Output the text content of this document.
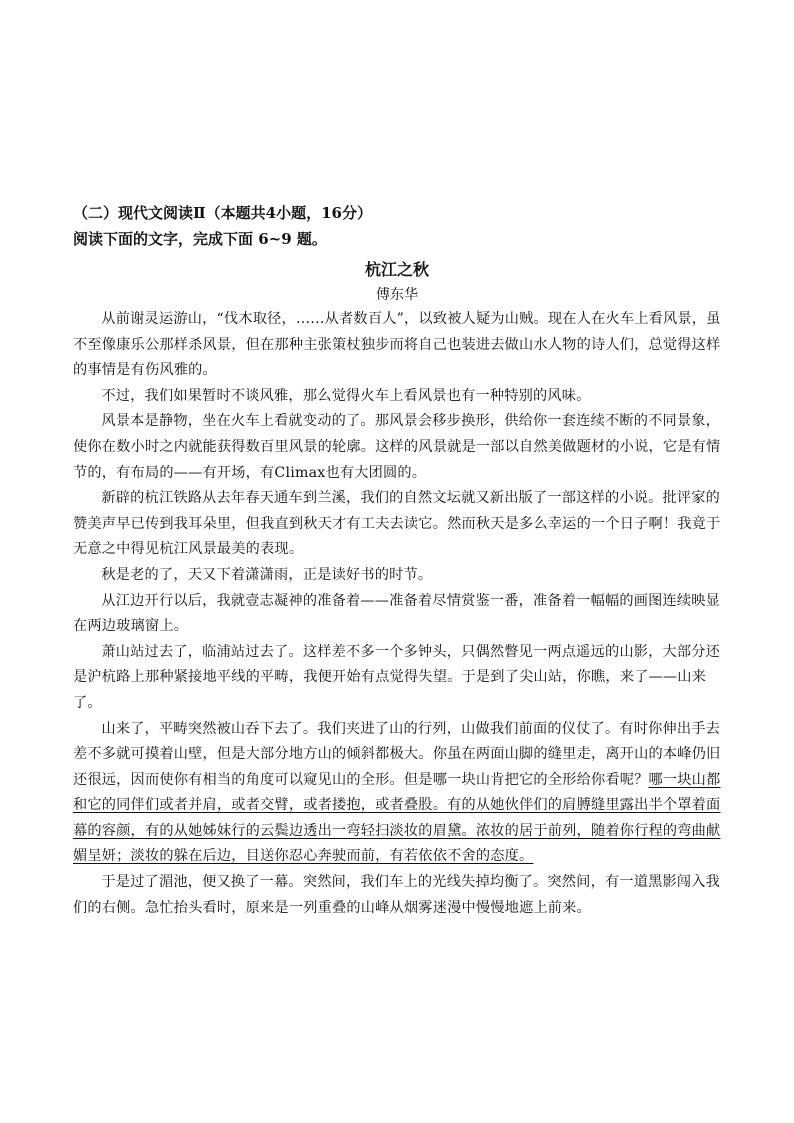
（二）现代文阅读Ⅱ（本题共4小题，16分）
阅读下面的文字，完成下面 6~9 题。
杭江之秋
傅东华

从前谢灵运游山，“伐木取径，……从者数百人”，以致被人疑为山贼。现在人在火车上看风景，虽不至像康乐公那样杀风景，但在那种主张策杖独步而将自己也装进去做山水人物的诗人们，总觉得这样的事情是有伤风雅的。

不过，我们如果暂时不谈风雅，那么觉得火车上看风景也有一种特别的风味。

风景本是静物，坐在火车上看就变动的了。那风景会移步换形，供给你一套连续不断的不同景象，使你在数小时之内就能获得数百里风景的轮廓。这样的风景就是一部以自然美做题材的小说，它是有情节的，有布局的——有开场，有Climax也有大团圆的。

新辟的杭江铁路从去年春天通车到兰溪，我们的自然文坛就又新出版了一部这样的小说。批评家的赞美声早已传到我耳朵里，但我直到秋天才有工夫去读它。然而秋天是多么幸运的一个日子啊！我竟于无意之中得见杭江风景最美的表现。

秋是老的了，天又下着潇潇雨，正是读好书的时节。

从江边开行以后，我就壹志凝神的准备着——准备着尽情赏鉴一番，准备着一幅幅的画图连续映显在两边玻璃窗上。

萧山站过去了，临浦站过去了。这样差不多一个多钟头，只偶然瞥见一两点遥远的山影，大部分还是沪杭路上那种紧接地平线的平畴，我便开始有点觉得失望。于是到了尖山站，你瞧，来了——山来了。

山来了，平畴突然被山吞下去了。我们夹进了山的行列，山做我们前面的仪仗了。有时你伸出手去差不多就可摸着山壁，但是大部分地方山的倾斜都极大。你虽在两面山脚的缝里走，离开山的本峰仍旧还很远，因而使你有相当的角度可以窥见山的全形。但是哪一块山肯把它的全形给你看呢？哪一块山都和它的同伴们或者并肩，或者交臂，或者搂抱，或者叠股。有的从她伙伴们的肩膊缝里露出半个罩着面幕的容颜，有的从她姊妹行的云鬓边透出一弯轻扫淡妆的眉黛。浓妆的居于前列，随着你行程的弯曲献媚呈妍；淡妆的躲在后边，目送你忍心奔驶而前，有若依依不舍的态度。

于是过了湄池，便又换了一幕。突然间，我们车上的光线失掉均衡了。突然间，有一道黑影闯入我们的右侧。急忙抬头看时，原来是一列重叠的山峰从烟雾迷漫中慢慢地遮上前来。
